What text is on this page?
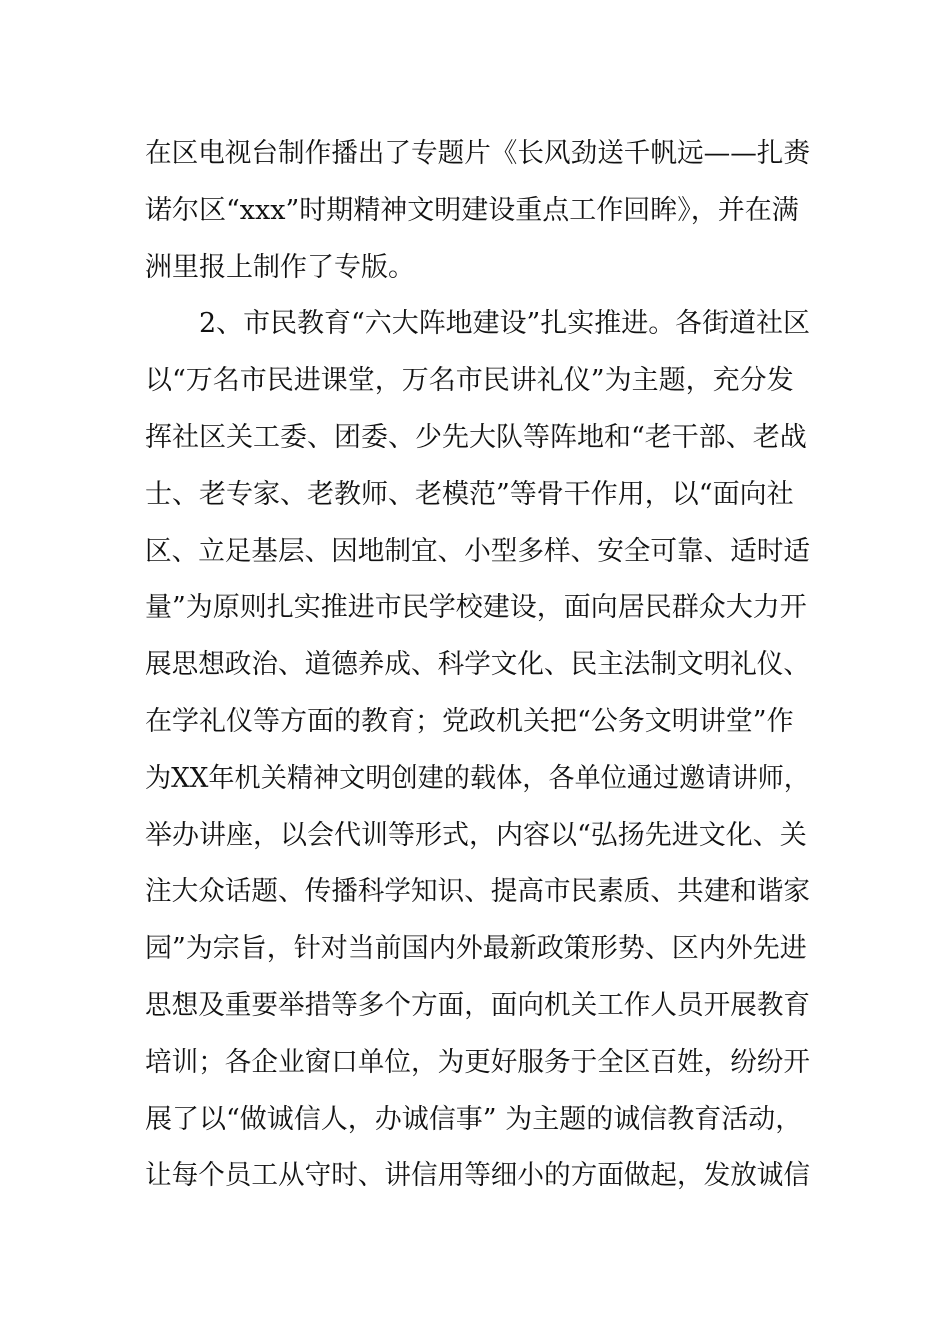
在区电视台制作播出了专题片《长风劲送千帆远——扎赉
诺尔区“xxx”时期精神文明建设重点工作回眸》，并在满
洲里报上制作了专版。
2、市民教育“六大阵地建设”扎实推进。各街道社区
以“万名市民进课堂，万名市民讲礼仪”为主题，充分发
挥社区关工委、团委、少先大队等阵地和“老干部、老战
士、老专家、老教师、老模范”等骨干作用，以“面向社
区、立足基层、因地制宜、小型多样、安全可靠、适时适
量”为原则扎实推进市民学校建设，面向居民群众大力开
展思想政治、道德养成、科学文化、民主法制文明礼仪、
在学礼仪等方面的教育；党政机关把“公务文明讲堂”作
为XX年机关精神文明创建的载体，各单位通过邀请讲师，
举办讲座，以会代训等形式，内容以“弘扬先进文化、关
注大众话题、传播科学知识、提高市民素质、共建和谐家
园”为宗旨，针对当前国内外最新政策形势、区内外先进
思想及重要举措等多个方面，面向机关工作人员开展教育
培训；各企业窗口单位，为更好服务于全区百姓，纷纷开
展了以“做诚信人，办诚信事” 为主题的诚信教育活动，
让每个员工从守时、讲信用等细小的方面做起，发放诚信
